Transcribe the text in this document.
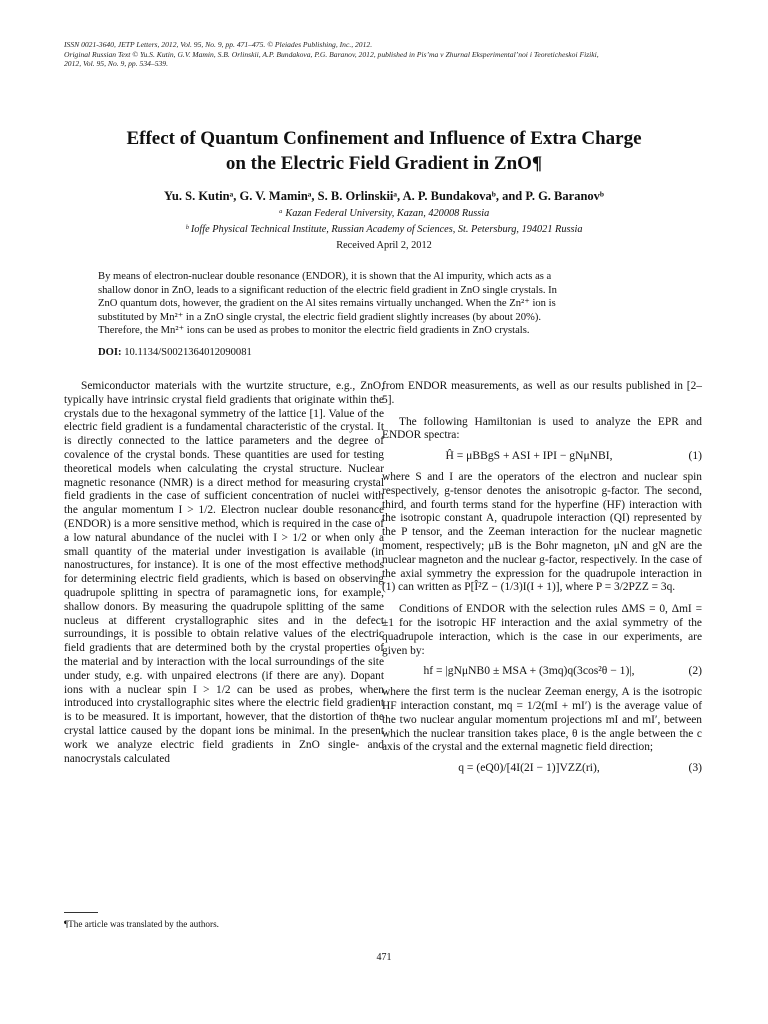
ISSN 0021-3640, JETP Letters, 2012, Vol. 95, No. 9, pp. 471–475. © Pleiades Publishing, Inc., 2012.
Original Russian Text © Yu.S. Kutin, G.V. Mamin, S.B. Orlinskii, A.P. Bundakova, P.G. Baranov, 2012, published in Pis’ma v Zhurnal Eksperimental’noi i Teoreticheskoi Fiziki,
2012, Vol. 95, No. 9, pp. 534–539.
Effect of Quantum Confinement and Influence of Extra Charge
on the Electric Field Gradient in ZnO¶
Yu. S. Kutinᵃ, G. V. Maminᵃ, S. B. Orlinskiiᵃ, A. P. Bundakovaᵇ, and P. G. Baranovᵇ
ᵃ Kazan Federal University, Kazan, 420008 Russia
ᵇ Ioffe Physical Technical Institute, Russian Academy of Sciences, St. Petersburg, 194021 Russia
Received April 2, 2012

By means of electron-nuclear double resonance (ENDOR), it is shown that the Al impurity, which acts as a

shallow donor in ZnO, leads to a significant reduction of the electric field gradient in ZnO single crystals. In

ZnO quantum dots, however, the gradient on the Al sites remains virtually unchanged. When the Zn²⁺ ion is

substituted by Mn²⁺ in a ZnO single crystal, the electric field gradient slightly increases (by about 20%).

Therefore, the Mn²⁺ ions can be used as probes to monitor the electric field gradients in ZnO crystals.

DOI: 10.1134/S0021364012090081

Semiconductor materials with the wurtzite structure, e.g., ZnO, typically have intrinsic crystal field gradients that originate within the crystals due to the hexagonal symmetry of the lattice [1]. Value of the electric field gradient is a fundamental characteristic of the crystal. It is directly connected to the lattice parameters and the degree of covalence of the crystal bonds. These quantities are used for testing theoretical models when calculating the crystal structure. Nuclear magnetic resonance (NMR) is a direct method for measuring crystal field gradients in the case of sufficient concentration of nuclei with the angular momentum I > 1/2. Electron nuclear double resonance (ENDOR) is a more sensitive method, which is required in the case of a low natural abundance of the nuclei with I > 1/2 or when only a small quantity of the material under investigation is available (in nanostructures, for instance). It is one of the most effective methods for determining electric field gradients, which is based on observing quadrupole splitting in spectra of paramagnetic ions, for example, shallow donors. By measuring the quadrupole splitting of the same nucleus at different crystallographic sites and in the defect surroundings, it is possible to obtain relative values of the electric field gradients that are determined both by the crystal properties of the material and by interaction with the local surroundings of the site under study, e.g. with unpaired electrons (if there are any). Dopant ions with a nuclear spin I > 1/2 can be used as probes, when introduced into crystallographic sites where the electric field gradient is to be measured. It is important, however, that the distortion of the crystal lattice caused by the dopant ions be minimal. In the present work we analyze electric field gradients in ZnO single- and nanocrystals calculated

from ENDOR measurements, as well as our results published in [2–5].

The following Hamiltonian is used to analyze the EPR and ENDOR spectra:

Ĥ = μBBgS + ASI + IPI − gNμNBI,	(1)

where S and I are the operators of the electron and nuclear spin respectively, g-tensor denotes the anisotropic g-factor. The second, third, and fourth terms stand for the hyperfine (HF) interaction with the isotropic constant A, quadrupole interaction (QI) represented by the P tensor, and the Zeeman interaction for the nuclear magnetic moment, respectively; μB is the Bohr magneton, μN and gN are the nuclear magneton and the nuclear g-factor, respectively. In the case of the axial symmetry the expression for the quadrupole interaction in (1) can written as P[Î²Z − (1/3)I(I + 1)], where P = 3/2PZZ = 3q.

Conditions of ENDOR with the selection rules ΔMS = 0, ΔmI = ±1 for the isotropic HF interaction and the axial symmetry of the quadrupole interaction, which is the case in our experiments, are given by:

hf = |gNμNB0 ± MSA + (3mq)q(3cos²θ − 1)|,	(2)

where the first term is the nuclear Zeeman energy, A is the isotropic HF interaction constant, mq = 1/2(mI + mI′) is the average value of the two nuclear angular momentum projections mI and mI′, between which the nuclear transition takes place, θ is the angle between the c axis of the crystal and the external magnetic field direction;

q = (eQ0)/[4I(2I − 1)]VZZ(ri),	(3)
¶The article was translated by the authors.
471
